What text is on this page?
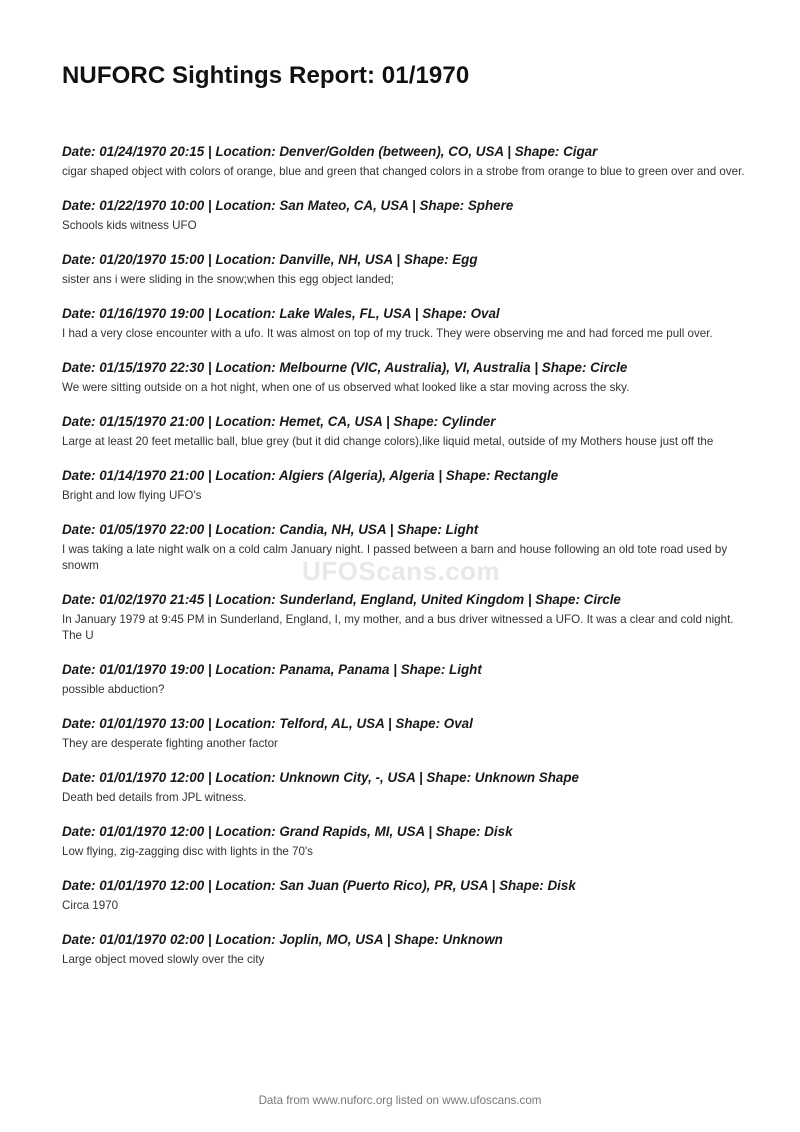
NUFORC Sightings Report: 01/1970

Date: 01/24/1970 20:15 | Location: Denver/Golden (between), CO, USA | Shape: Cigar

cigar shaped object with colors of orange, blue and green that changed colors in a strobe from orange to blue to green over and over.

Date: 01/22/1970 10:00 | Location: San Mateo, CA, USA | Shape: Sphere

Schools kids witness UFO

Date: 01/20/1970 15:00 | Location: Danville, NH, USA | Shape: Egg

sister ans i were sliding in the snow;when this egg object landed;

Date: 01/16/1970 19:00 | Location: Lake Wales, FL, USA | Shape: Oval

I had a very close encounter with a ufo. It was almost on top of my truck. They were observing me and had forced me pull over.

Date: 01/15/1970 22:30 | Location: Melbourne (VIC, Australia), VI, Australia | Shape: Circle

We were sitting outside on a hot night, when one of us observed what looked like a star moving across the sky.

Date: 01/15/1970 21:00 | Location: Hemet, CA, USA | Shape: Cylinder

Large at least 20 feet metallic ball, blue grey (but it did change colors),like liquid metal, outside of my Mothers house just off the

Date: 01/14/1970 21:00 | Location: Algiers (Algeria), Algeria | Shape: Rectangle

Bright and low flying UFO's

Date: 01/05/1970 22:00 | Location: Candia, NH, USA | Shape: Light

I was taking a late night walk on a cold calm January night. I passed between a barn and house following an old tote road used by snowm

Date: 01/02/1970 21:45 | Location: Sunderland, England, United Kingdom | Shape: Circle

In January 1979 at 9:45 PM in Sunderland, England, I, my mother, and a bus driver witnessed a UFO. It was a clear and cold night. The U

Date: 01/01/1970 19:00 | Location: Panama, Panama | Shape: Light

possible abduction?

Date: 01/01/1970 13:00 | Location: Telford, AL, USA | Shape: Oval

They are desperate fighting another factor

Date: 01/01/1970 12:00 | Location: Unknown City, -, USA | Shape: Unknown Shape

Death bed details from JPL witness.

Date: 01/01/1970 12:00 | Location: Grand Rapids, MI, USA | Shape: Disk

Low flying, zig-zagging disc with lights in the 70's

Date: 01/01/1970 12:00 | Location: San Juan (Puerto Rico), PR, USA | Shape: Disk

Circa 1970

Date: 01/01/1970 02:00 | Location: Joplin, MO, USA | Shape: Unknown

Large object moved slowly over the city

UFOScans.com
Data from www.nuforc.org listed on www.ufoscans.com
